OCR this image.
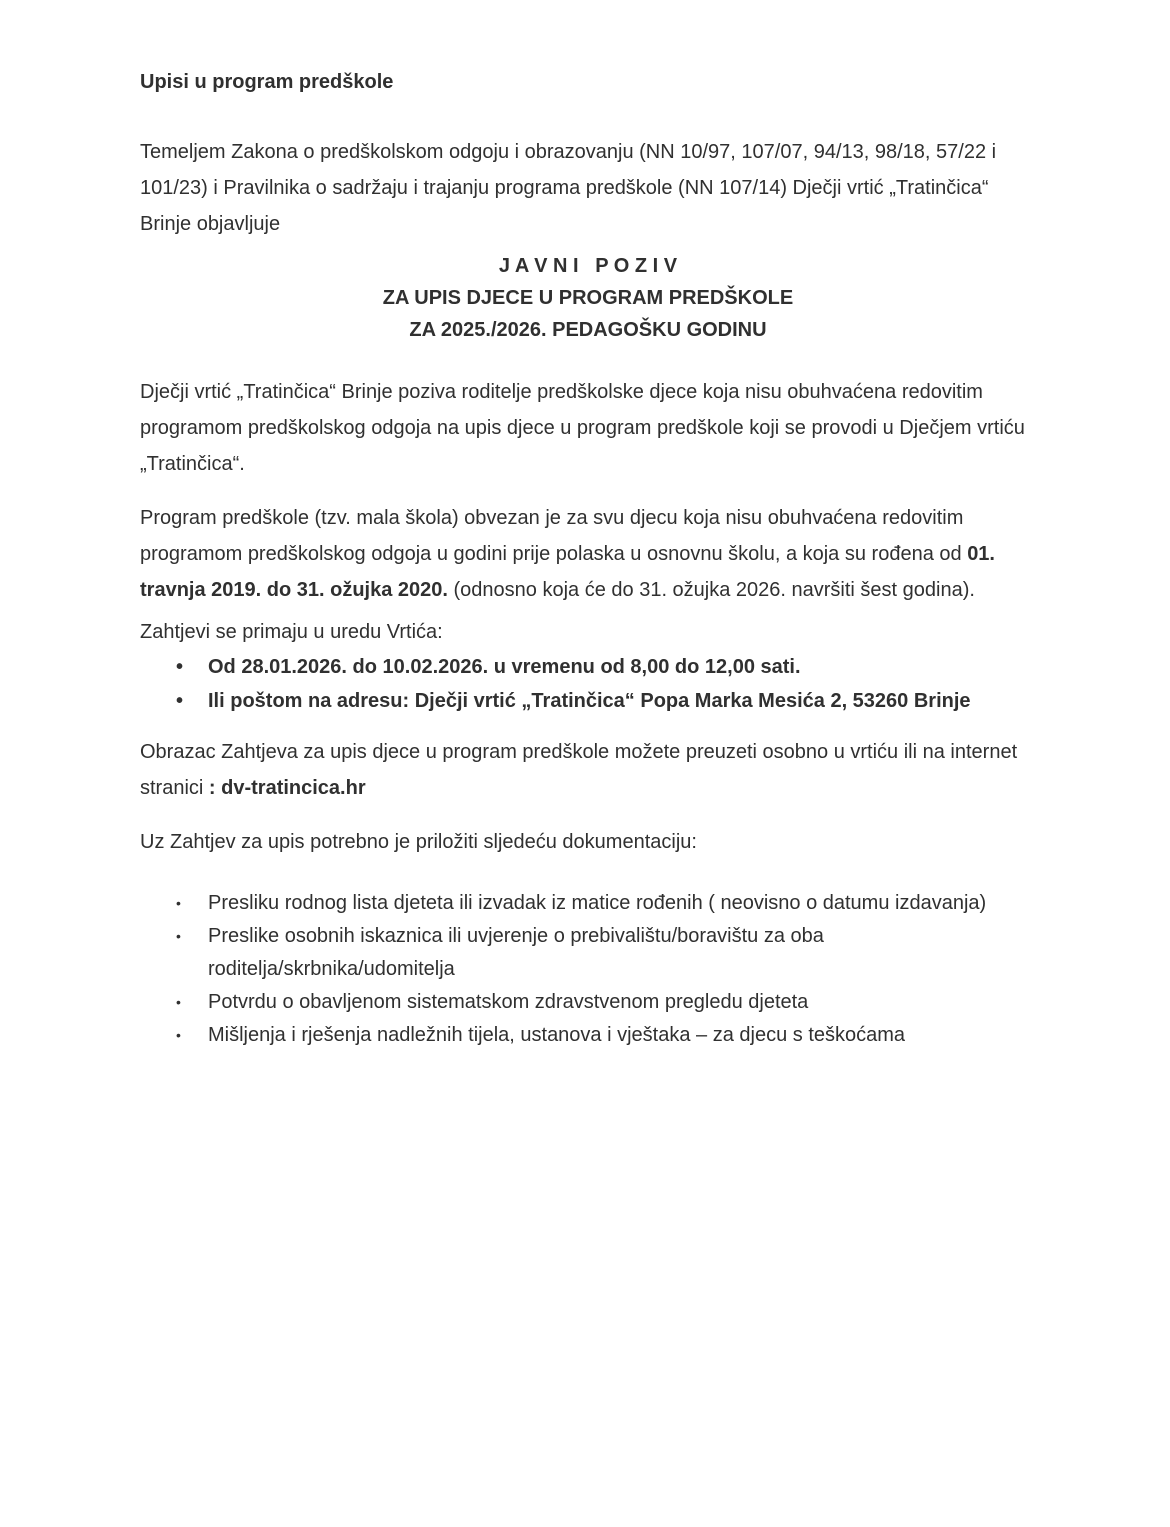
Upisi u program predškole

Temeljem Zakona o predškolskom odgoju i obrazovanju (NN 10/97, 107/07, 94/13, 98/18, 57/22 i 101/23) i Pravilnika o sadržaju i trajanju programa predškole (NN 107/14) Dječji vrtić „Tratinčica“ Brinje objavljuje

J A V N I   P O Z I V
ZA UPIS DJECE U PROGRAM PREDŠKOLE
ZA 2025./2026. PEDAGOŠKU GODINU

Dječji vrtić „Tratinčica“ Brinje poziva roditelje predškolske djece koja nisu obuhvaćena redovitim programom predškolskog odgoja na upis djece u program predškole koji se provodi u Dječjem vrtiću „Tratinčica“.

Program predškole (tzv. mala škola) obvezan je za svu djecu koja nisu obuhvaćena redovitim programom predškolskog odgoja u godini prije polaska u osnovnu školu, a koja su rođena od 01. travnja 2019. do 31. ožujka 2020. (odnosno koja će do 31. ožujka 2026. navršiti šest godina).

Zahtjevi se primaju u uredu Vrtića:

•	Od 28.01.2026. do 10.02.2026. u vremenu od 8,00 do 12,00 sati.
•	Ili poštom na adresu: Dječji vrtić „Tratinčica“ Popa Marka Mesića 2, 53260 Brinje

Obrazac Zahtjeva za upis djece u program predškole možete preuzeti osobno u vrtiću ili na internet stranici : dv-tratincica.hr

Uz Zahtjev za upis potrebno je priložiti sljedeću dokumentaciju:

•	Presliku rodnog lista djeteta ili izvadak iz matice rođenih ( neovisno o datumu izdavanja)
•	Preslike osobnih iskaznica ili uvjerenje o prebivalištu/boravištu za oba roditelja/skrbnika/udomitelja
•	Potvrdu o obavljenom sistematskom zdravstvenom pregledu djeteta
•	Mišljenja i rješenja nadležnih tijela, ustanova i vještaka – za djecu s teškoćama
